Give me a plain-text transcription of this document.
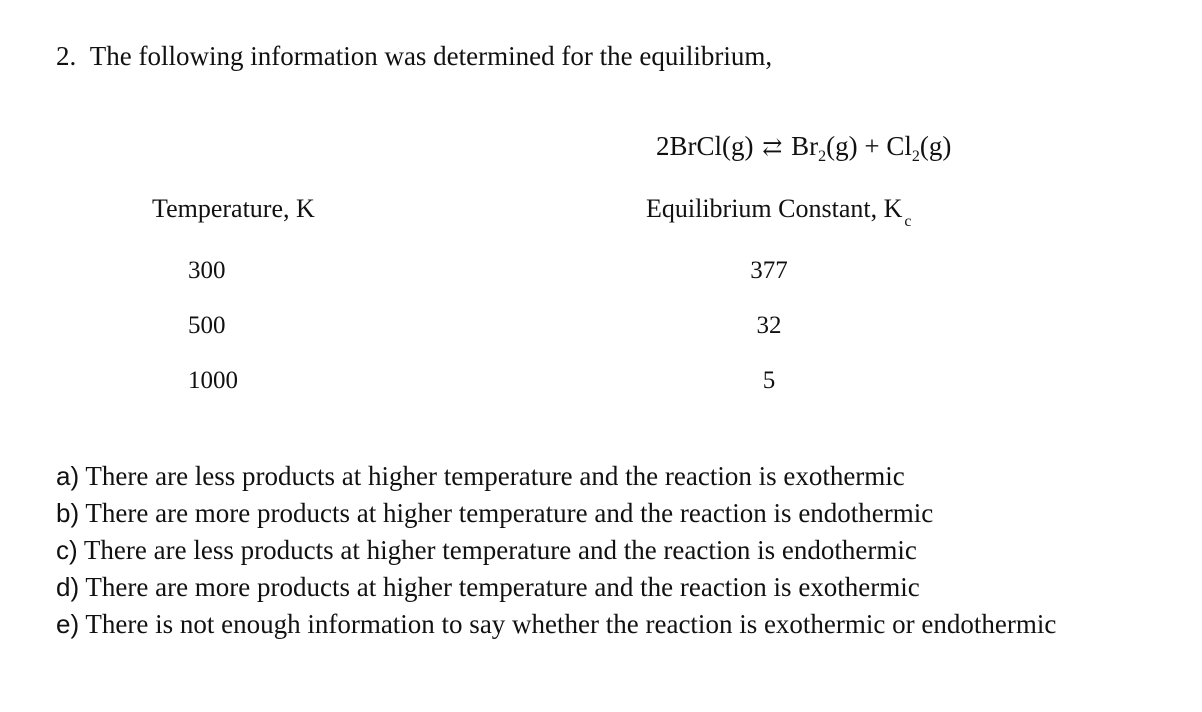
2. The following information was determined for the equilibrium,
2BrCl(g) ⇄ $Br_2(g) + Cl_2(g)$
Temperature, K	Equilibrium Constant, K $_c$
300	377
500	32
1000	5
a) There are less products at higher temperature and the reaction is exothermic
b) There are more products at higher temperature and the reaction is endothermic
c) There are less products at higher temperature and the reaction is endothermic
d) There are more products at higher temperature and the reaction is exothermic
e) There is not enough information to say whether the reaction is exothermic or endothermic
